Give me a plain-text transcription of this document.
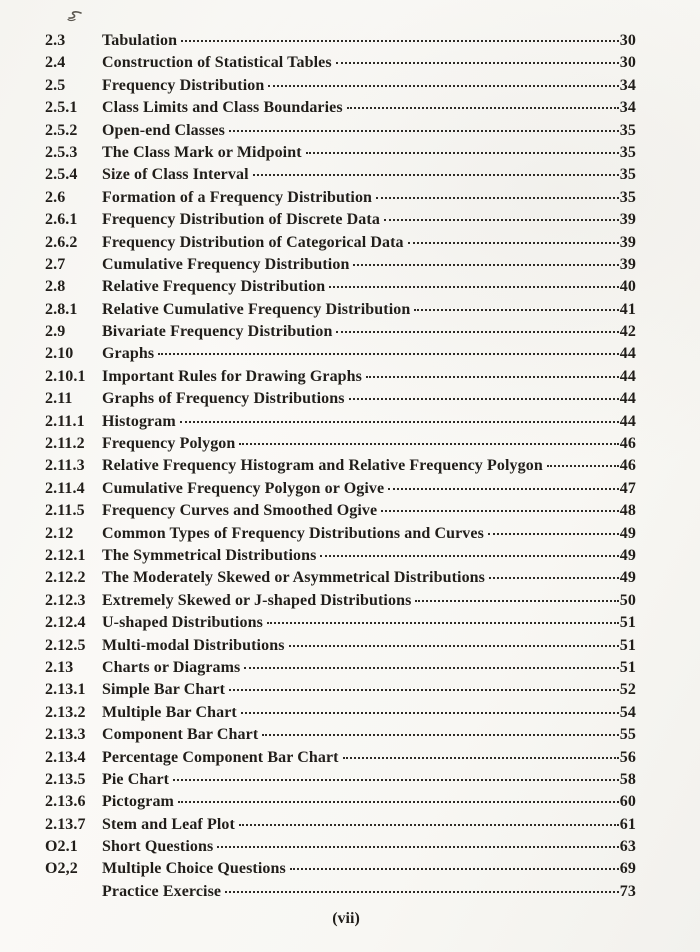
2.3	Tabulation	30
2.4	Construction of Statistical Tables	30
2.5	Frequency Distribution	34
2.5.1	Class Limits and Class Boundaries	34
2.5.2	Open-end Classes	35
2.5.3	The Class Mark or Midpoint	35
2.5.4	Size of Class Interval	35
2.6	Formation of a Frequency Distribution	35
2.6.1	Frequency Distribution of Discrete Data	39
2.6.2	Frequency Distribution of Categorical Data	39
2.7	Cumulative Frequency Distribution	39
2.8	Relative Frequency Distribution	40
2.8.1	Relative Cumulative Frequency Distribution	41
2.9	Bivariate Frequency Distribution	42
2.10	Graphs	44
2.10.1	Important Rules for Drawing Graphs	44
2.11	Graphs of Frequency Distributions	44
2.11.1	Histogram	44
2.11.2	Frequency Polygon	46
2.11.3	Relative Frequency Histogram and Relative Frequency Polygon	46
2.11.4	Cumulative Frequency Polygon or Ogive	47
2.11.5	Frequency Curves and Smoothed Ogive	48
2.12	Common Types of Frequency Distributions and Curves	49
2.12.1	The Symmetrical Distributions	49
2.12.2	The Moderately Skewed or Asymmetrical Distributions	49
2.12.3	Extremely Skewed or J-shaped Distributions	50
2.12.4	U-shaped Distributions	51
2.12.5	Multi-modal Distributions	51
2.13	Charts or Diagrams	51
2.13.1	Simple Bar Chart	52
2.13.2	Multiple Bar Chart	54
2.13.3	Component Bar Chart	55
2.13.4	Percentage Component Bar Chart	56
2.13.5	Pie Chart	58
2.13.6	Pictogram	60
2.13.7	Stem and Leaf Plot	61
O2.1	Short Questions	63
O2,2	Multiple Choice Questions	69
Practice Exercise	73
(vii)
